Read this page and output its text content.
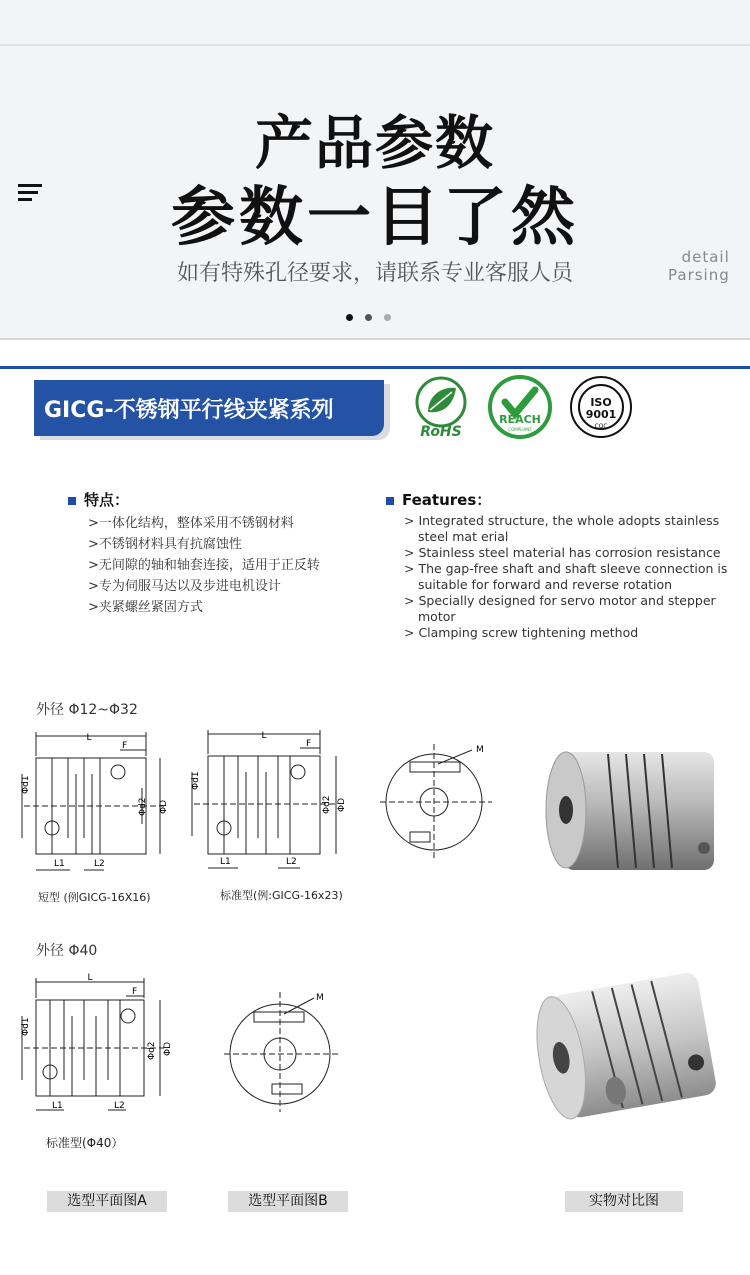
产品参数
参数一目了然
如有特殊孔径要求，请联系专业客服人员
detail
Parsing
GICG-不锈钢平行线夹紧系列
RoHS
REACH
COMPLIANT
ISO
9001
CQC
特点：
>一体化结构，整体采用不锈钢材料
>不锈钢材料具有抗腐蚀性
>无间隙的轴和轴套连接，适用于正反转
>专为伺服马达以及步进电机设计
>夹紧螺丝紧固方式
Features：
> Integrated structure, the whole adopts stainless steel mat erial
> Stainless steel material has corrosion resistance
> The gap-free shaft and shaft sleeve connection is suitable for forward and reverse rotation
> Specially designed for servo motor and stepper motor
> Clamping screw tightening method
外径 Φ12~Φ32
L
F
Φd1
Φd2 ΦD
L1	L2
短型 (例GICG-16X16)
L
F
Φd1
Φd2 ΦD
L1	L2
标准型(例:GICG-16x23)
M
外径 Φ40
L
F
Φd1
Φd2 ΦD
L1	L2
标准型(Φ40）
M
选型平面图A	选型平面图B	实物对比图
